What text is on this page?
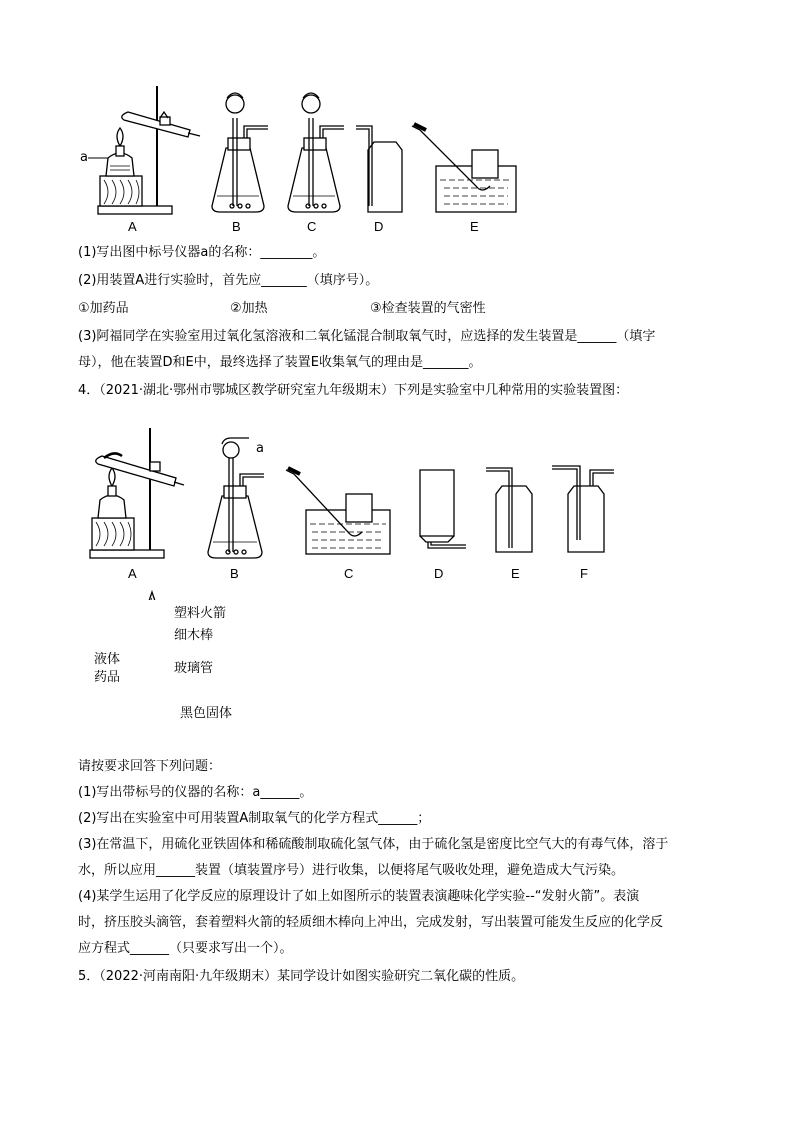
a
A	B	C	D	E
(1)写出图中标号仪器a的名称：________。
(2)用装置A进行实验时，首先应_______（填序号）。
①加药品	②加热	③检查装置的气密性
(3)阿福同学在实验室用过氧化氢溶液和二氧化锰混合制取氧气时，应选择的发生装置是______（填字
母），他在装置D和E中，最终选择了装置E收集氧气的理由是_______。
4．（2021·湖北·鄂州市鄂城区教学研究室九年级期末）下列是实验室中几种常用的实验装置图：
a
A	B	C	D	E	F
塑料火箭
细木棒
液体
药品
玻璃管
黑色固体
请按要求回答下列问题：
(1)写出带标号的仪器的名称：a______。
(2)写出在实验室中可用装置A制取氧气的化学方程式______；
(3)在常温下，用硫化亚铁固体和稀硫酸制取硫化氢气体，由于硫化氢是密度比空气大的有毒气体，溶于
水，所以应用______装置（填装置序号）进行收集，以便将尾气吸收处理，避免造成大气污染。
(4)某学生运用了化学反应的原理设计了如上如图所示的装置表演趣味化学实验--“发射火箭”。表演
时，挤压胶头滴管，套着塑料火箭的轻质细木棒向上冲出，完成发射，写出装置可能发生反应的化学反
应方程式______（只要求写出一个）。
5．（2022·河南南阳·九年级期末）某同学设计如图实验研究二氧化碳的性质。
